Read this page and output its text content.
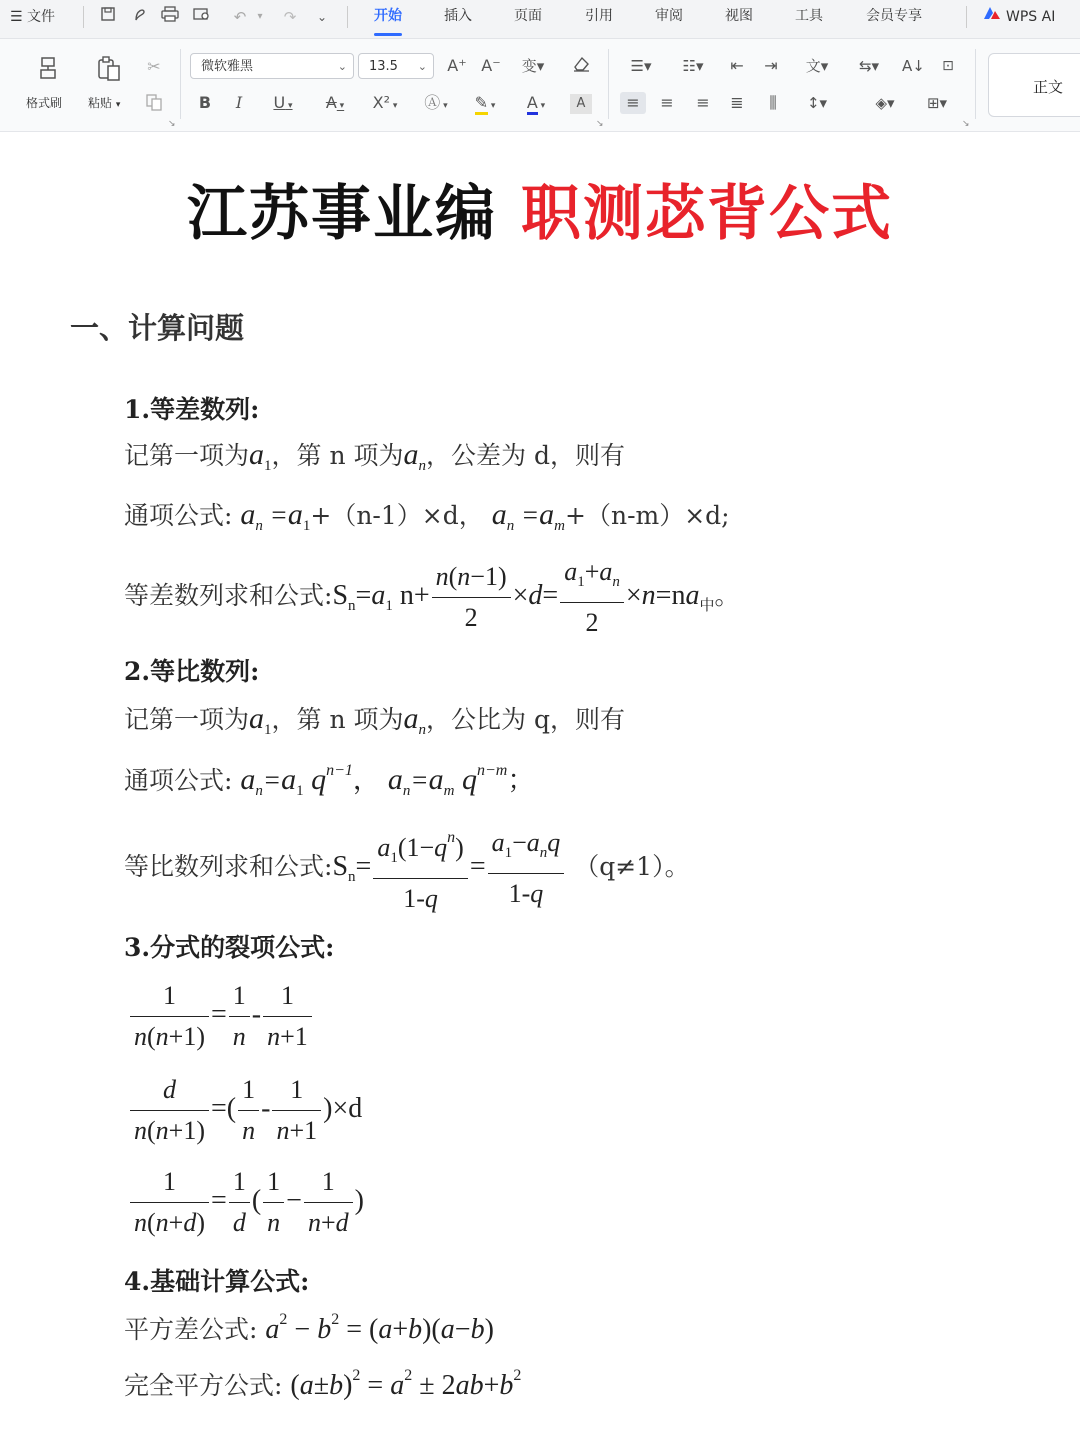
☰ 文件	↶	▾	↷	⌄	开始	插入	页面	引用	审阅	视图	工具	会员专享	WPS AI
格式刷 粘贴 ▾
✂
↘
微软雅黑	⌄	13.5 ⌄ A⁺ A⁻	变▾
B	I	U ▾	A ▾	X² ▾	Ⓐ ▾	✎ ▾	A ▾	A
↘
☰▾	☷▾	⇤ ⇥	文▾	⇆▾	A↓	⊡
≡	≡ ≡ ≣	⫼	↕▾	◈▾	⊞▾
↘
正文
江苏事业编 职测苾背公式
一、计算问题
1.等差数列:
记第一项为$a_1$，第 n 项为$a_n$，公差为 d，则有
通项公式: $a_n =a_1+(n-1)\times d$， $a_n =a_m+(n-m)\times d$;
等差数列求和公式$:S_n=a_1$ $n+ \frac{n(n-1)}{2} \times d= \frac{a_1+a_n}{2} \times n=na_中$。
2.等比数列:
记第一项为$a_1$，第 n 项为$a_n$，公比为 q，则有
通项公式: $a_n=a_1$ $q^{n-1}$， $a_n=a_m$ $q^{n-m}$；
等比数列求和公式$:S_n= \frac{a_1(1-q^n)}{1-q} = \frac{a_1-a_nq}{1-q} (q\ne 1)$。
3.分式的裂项公式:
$\frac{1}{n(n+1)} = \frac{1}{n} - \frac{1}{n+1}$
$\frac{d}{n(n+1)}$ =( $\frac{1}{n} - \frac{1}{n+1} )\times d$
$\frac{1}{n(n+d)} = \frac{1}{d}$ ( $\frac{1}{n} - \frac{1}{n+d}$ )
4.基础计算公式:
平方差公式: $a^2 - b^2 = (a+b)(a-b)$
完全平方公式: $(a\pm b)^2 = a^2 \pm 2ab+b^2$
